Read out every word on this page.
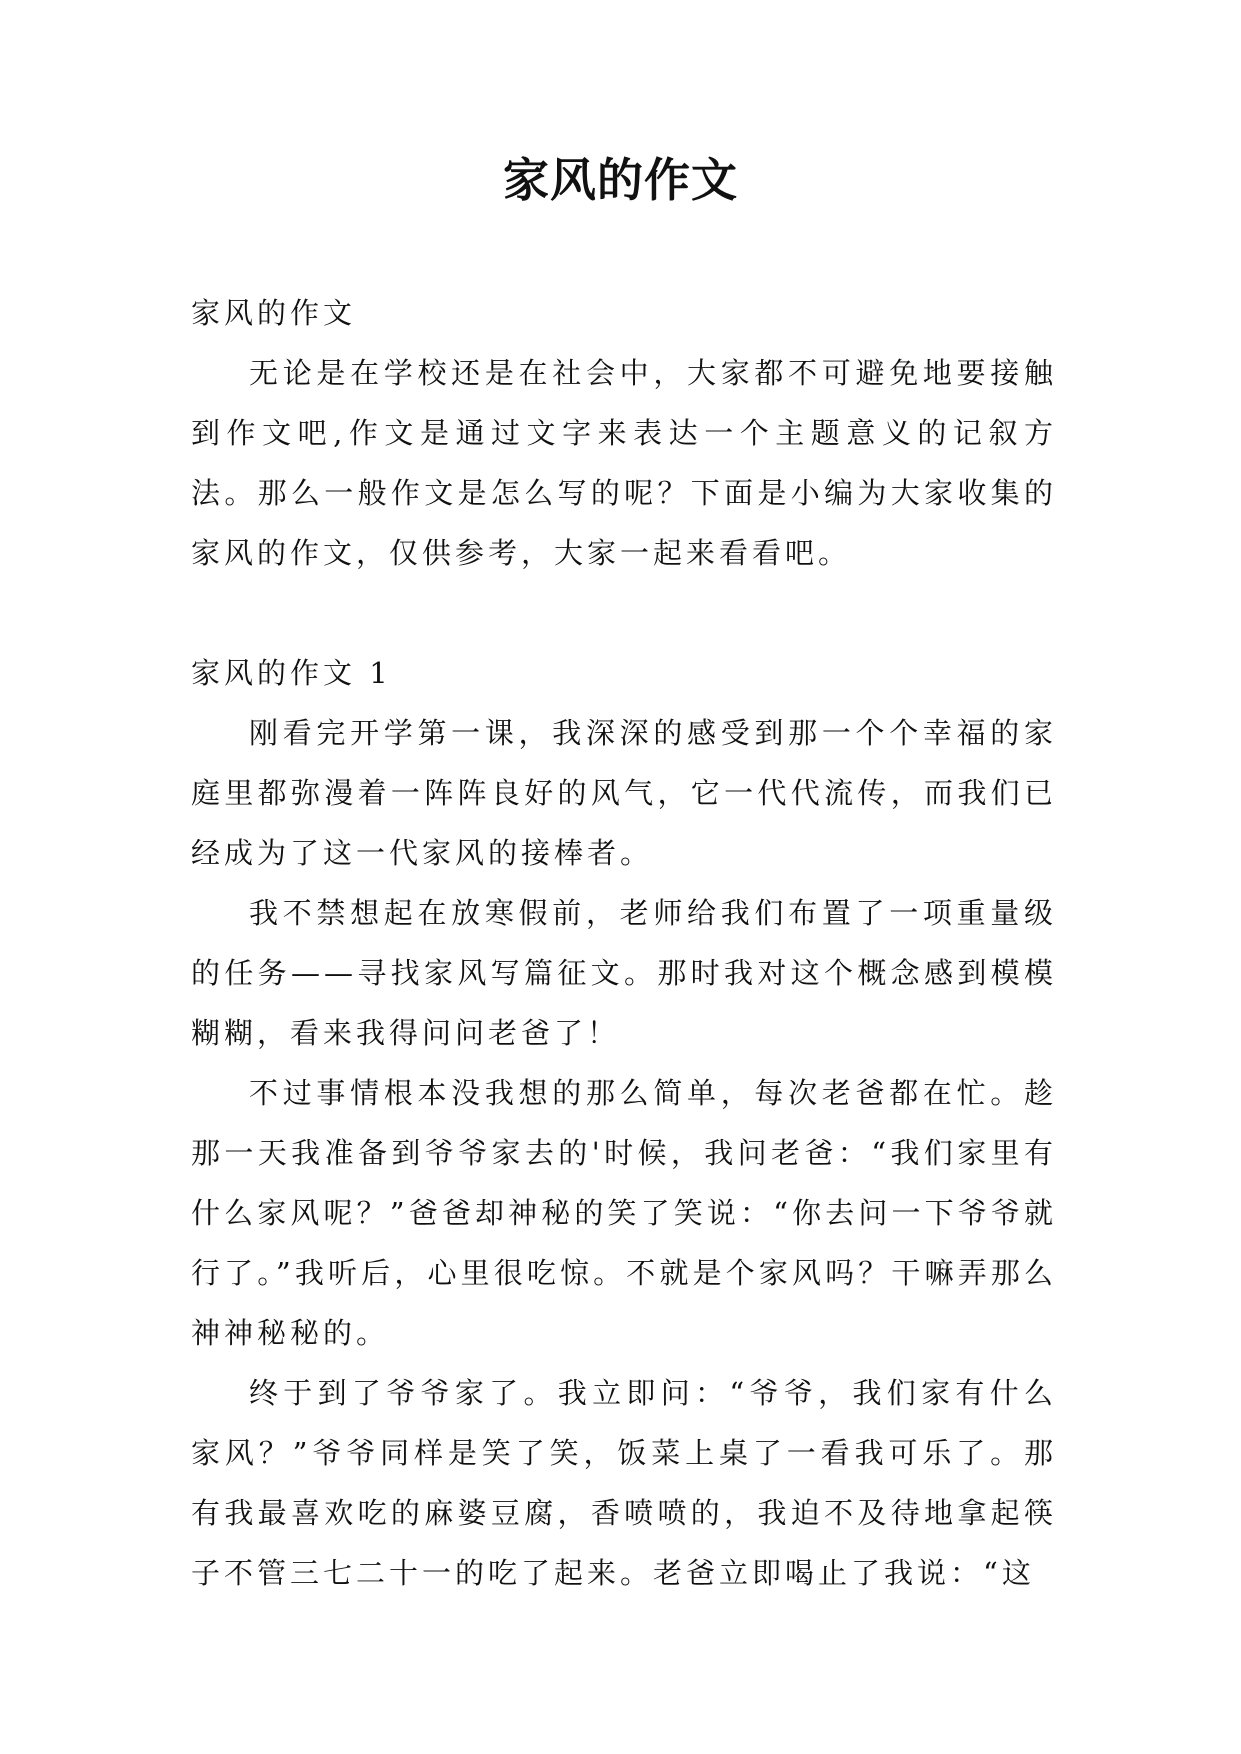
家风的作文

家风的作文

无论是在学校还是在社会中，大家都不可避免地要接触到作文吧,作文是通过文字来表达一个主题意义的记叙方法。那么一般作文是怎么写的呢？下面是小编为大家收集的家风的作文，仅供参考，大家一起来看看吧。

家风的作文 1

刚看完开学第一课，我深深的感受到那一个个幸福的家庭里都弥漫着一阵阵良好的风气，它一代代流传，而我们已经成为了这一代家风的接棒者。

我不禁想起在放寒假前，老师给我们布置了一项重量级的任务——寻找家风写篇征文。那时我对这个概念感到模模糊糊，看来我得问问老爸了！

不过事情根本没我想的那么简单，每次老爸都在忙。趁那一天我准备到爷爷家去的'时候，我问老爸：“我们家里有什么家风呢？”爸爸却神秘的笑了笑说：“你去问一下爷爷就行了。”我听后，心里很吃惊。不就是个家风吗？干嘛弄那么神神秘秘的。

终于到了爷爷家了。我立即问：“爷爷，我们家有什么家风？”爷爷同样是笑了笑，饭菜上桌了一看我可乐了。那有我最喜欢吃的麻婆豆腐，香喷喷的，我迫不及待地拿起筷子不管三七二十一的吃了起来。老爸立即喝止了我说：“这
